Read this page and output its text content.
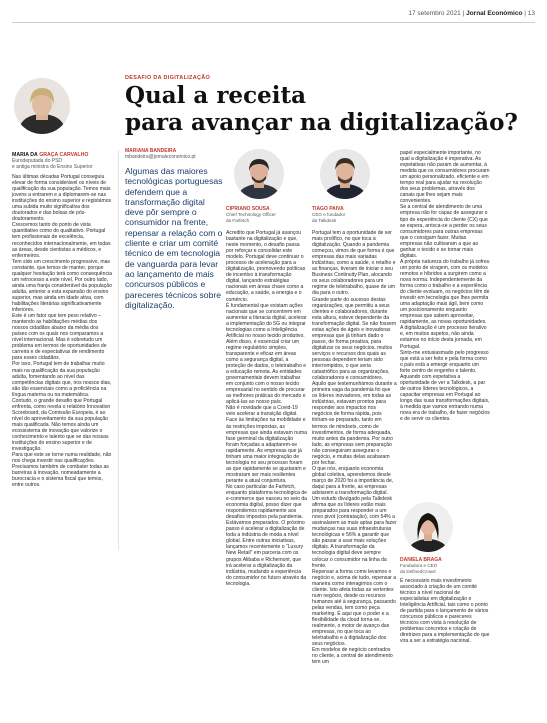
17 setembro 2021 | Jornal Económico | 13
DESAFIO DA DIGITALIZAÇÃO
Qual a receita
para avançar na digitalização?
MARIA DA GRAÇA CARVALHO
Eurodeputada do PSD
e antiga ministra do Ensino Superior

Nas últimas décadas Portugal conseguiu elevar de forma considerável os níveis de qualificação da sua população. Temos mais jovens a entrarem e a diplomarem-se nas instituições do ensino superior e registámos uma subida muito significativa dos doutorados e das bolsas de pós-doutoramento.

Crescemos tanto do ponto de vista quantitativo como do qualitativo. Portugal tem profissionais de excelência, reconhecidos internacionalmente, em todas as áreas, desde cientistas a médicos, e enfermeiros.

Tem sido um crescimento progressivo, mas constante, que temos de manter, porque qualquer hesitação terá como consequência um retrocesso a este nível. Por outro lado, ainda uma franja considerável da população adulta, anterior a esta expansão do ensino superior, mas ainda em idade ativa, com habilitações literárias significativamente inferiores.

Este é um fator que tem peso relativo – mantendo as habilitações médias dos nossos cidadãos abaixo da média dos países com os quais nos comparamos a nível internacional. Mas é sobretudo um problema em termos de oportunidades de carreira e de expectativas de rendimento para esses cidadãos.

Por isso, Portugal tem de trabalhar muito mais na qualificação da sua população adulta, fomentando ao nível das competências digitais que, nos nossos dias, são tão essenciais como a proficiência na língua materna ou na matemática.

Contudo, o grande desafio que Portugal enfrenta, como revela o relatório Innovation Scoreboard, da Comissão Europeia, é ao nível do aproveitamento da sua população mais qualificada. Não temos ainda um ecossistema de inovação que valorize o conhecimento e talento que se das nossas instituições do ensino superior e de investigação.

Para que este se torne numa realidade, não nos chega investir nas qualificações. Precisamos também de combater todas as barreiras à inovação, nomeadamente a burocracia e o sistema fiscal que temos, entre outros.

MARIANA BANDEIRA
mbandeira@jornaleconomico.pt
Algumas das maiores tecnológicas portuguesas defendem que a transformação digital deve pôr sempre o consumidor na frente, repensar a relação com o cliente e criar um comité técnico de em tecnologia de vanguarda para levar ao lançamento de mais concursos públicos e pareceres técnicos sobre digitalização.
CIPRIANO SOUSA
Chief Technology Officer
da Farfetch
TIAGO PAIVA
CEO e fundador
da Talkdesk

Acredito que Portugal já avançou bastante na digitalização e que, neste momento, o desafio passa por reforçar e consolidar este modelo. Portugal deve continuar o processo de aceleração para a digitalização, promovendo políticas de incentivo à transformação digital, lançando estratégias nacionais em áreas chave como a educação, a saúde, a energia e o comércio.

É fundamental que existam ações nacionais que se concentrem em aumentar a literacia digital, acelerar a implementação do 5G ou integrar tecnologias como a Inteligência Artificial no nosso tecido produtivo.

Além disso, é essencial criar um regime regulatório simples, transparente e eficaz em áreas como a segurança digital, a proteção de dados, o teletrabalho e a educação remota. As entidades governamentais devem trabalhar em conjunto com o nosso tecido empresarial no sentido de procurar as melhores práticas do mercado e aplicá-las ao nosso país.

Não é novidade que a Covid-19 veio acelerar a transição digital. Face às limitações na mobilidade e às restrições impostas, as empresas que ainda estavam numa fase germinal da digitalização foram forçadas a adaptarem-se rapidamente. As empresas que já tinham uma maior integração de tecnologia no seu processo foram as que rapidamente se ajustaram e mostraram ser mais resilientes perante a atual conjuntura.

No caso particular da Farfetch, enquanto plataforma tecnológica de e-commerce que nasceu no seio da economia digital, posso dizer que respondemos rapidamente aos desafios impostos pela pandemia.

Estávamos preparados. O próximo passo é acelerar a digitalização de toda a indústria de moda a nível global. Entre outras iniciativas, lançamos recentemente o “Luxury New Retail” em parceria com os grupos Alibaba e Richemont, que irá acelerar a digitalização da indústria, mudando a experiência do consumidor no futuro através da tecnologia.

Portugal tem a oportunidade de ser mais prolífico, no que toca à digitalização. Quando a pandemia começou, vimos de que forma é que empresas das mais variadas indústrias, como a saúde, o retalho e as finanças, tiveram de iniciar o seu Business Continuity Plan, alocando os seus colaboradores para um regime de teletrabalho, quase de um dia para o outro.

Grande parte do sucesso destas organizações, que permitiu a seus clientes e colaboradores, durante esta altura, esteve dependente da transformação digital. Se não fossem estas ações de ágeis e inovadoras empresas que já tinham dado o passo, de forma proativa, para digitalizar os seus negócios, muitos serviços e recursos dos quais as pessoas dependem teriam sido interrompidos, o que seria catastrófico para as organizações, colaboradores e consumidores.

Aquilo que testemunhámos durante a primeira vaga da pandemia foi que os líderes inovadores, em todas as indústrias, estavam prontos para responder aos impactos nos negócios de forma rápida, pois tinham-se preparado, tanto em termos de mindsets, como de investimentos, de forma adequada, muito antes da pandemia. Por outro lado, as empresas sem preparação não conseguiram assegurar o negócio, e muitas delas acabaram por fechar.

O que nós, enquanto economia global coletiva, aprendemos desde março de 2020 foi a importância de, daqui para a frente, as empresas adotarem a transformação digital. Um estudo divulgado pela Talkdesk afirma que os líderes estão mais preparados para responder a um novo pivot (contratação), com 54% a assinalarem as mais aptas para fazer mudanças nas suas infraestruturas tecnológicas e 56% a garantir que são passar a usar mais soluções digitais. A transformação da tecnologia digital deve sempre colocar o consumidor na linha da frente.

Repensar a forma como levamos o negócio e, acima de tudo, repensar a maneira como interagimos com o cliente. Isto afeta todas as vertentes num negócio, desde os recursos humanos até à segurança, passando pelas vendas, tem como peça marketing. É aqui que o poder e a flexibilidade da cloud torna-se, realmente, o motor de avanço das empresas, no que toca ao teletrabalho e à digitalização dos seus negócios.

Em modelos de negócio centrados no cliente, a central de atendimento tem um

papel especialmente importante, no qual a digitalização é imperativa. As expetativas não param de aumentar, à medida que os consumidores procuram um apoio personalizado, eficiente e em tempo real para ajudar na resolução dos seus problemas, através dos canais que lhes sejam mais convenientes.

Se a central de atendimento de uma empresa não for capaz de assegurar o tipo de experiência do cliente (CX) que se espera, arrisca-se a perder os seus consumidores para outras empresas que o consigam fazer. Muitas empresas não cultivaram a que ao ganhar o tecido e se tornar mais digitais.

A própria natureza do trabalho já sofreu um ponto de viragem, com os modelos remotos e híbridos a surgirem como a nova norma. Independentemente da forma como o trabalho e a experiência do cliente evoluam, os negócios têm de investir em tecnologia que lhes permita uma adaptação mais ágil, bem como um posicionamento enquanto empresas que sabem aproveitar, rapidamente, as novas oportunidades. A digitalização é um processo iterativo e, em muitos aspetos, não ainda estamos no início desta jornada, em Portugal.

Sinto-me entusiasmado pelo progresso que está a ser feito e pela forma como o país está a emergir enquanto um forte centro de engenho e talento. Aquando com expetativa a oportunidade de ver a Talkdesk, a par de outros líderes tecnológicos, a capacitar empresas em Portugal ao longo das suas transformações digitais, à medida que vamos entrando numa nova era de trabalho, de fazer negócios e de servir os clientes.

DANIELA BRAGA
Fundadora e CEO
da DefinedCrowd

É necessário mais investimento associado à criação de um comité técnico a nível nacional de especialistas em digitalização e Inteligência Artificial, tais como o ponto de partida para o lançamento de vários concursos públicos e pareceres técnicos com vista à resolução de problemas concretos e criação de diretrizes para a implementação do que vira a ser a estratégia nacional.
